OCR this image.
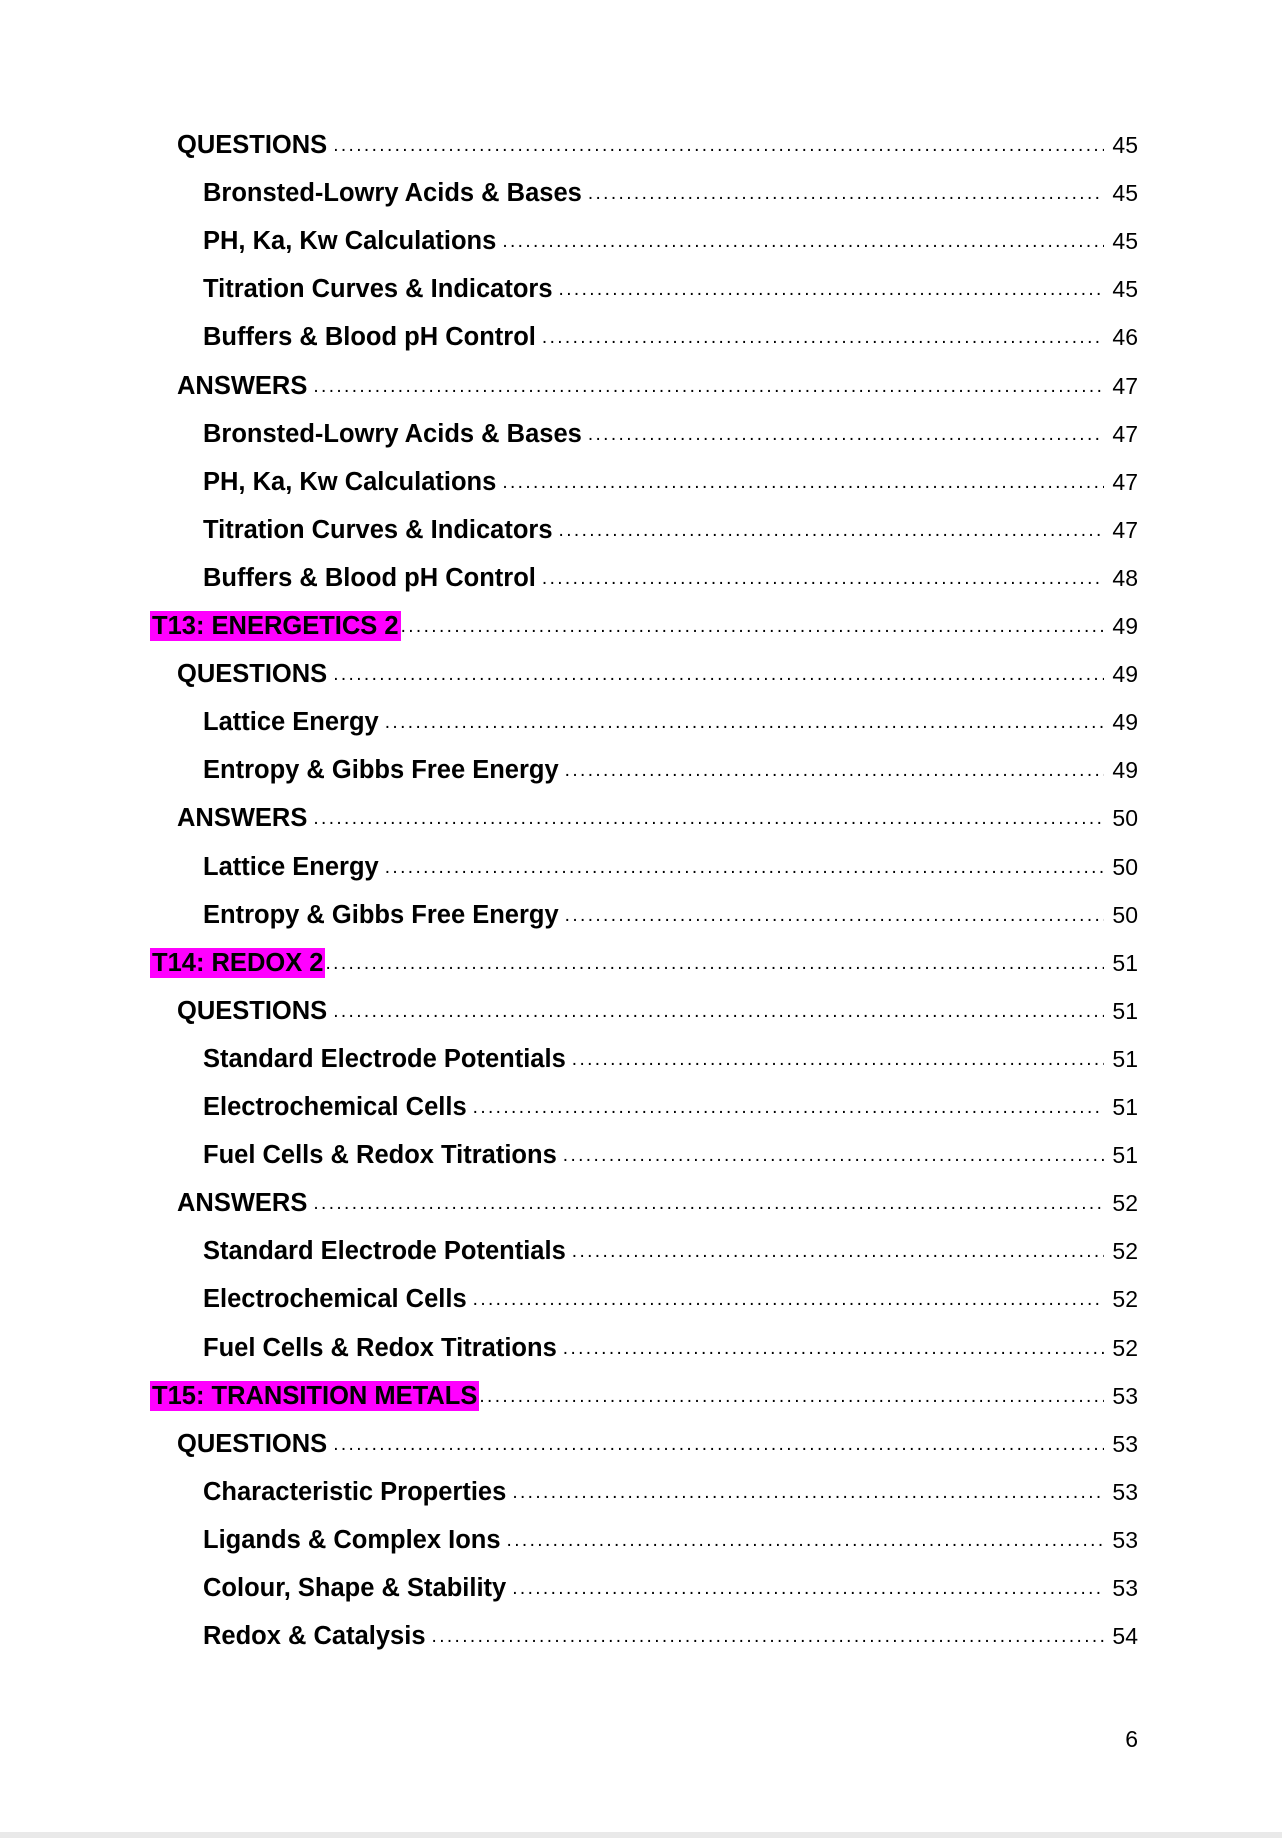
QUESTIONS .....	45
Bronsted-Lowry Acids & Bases .....	45
PH, Ka, Kw Calculations .....	45
Titration Curves & Indicators .....	45
Buffers & Blood pH Control .....	46
ANSWERS .....	47
Bronsted-Lowry Acids & Bases .....	47
PH, Ka, Kw Calculations .....	47
Titration Curves & Indicators .....	47
Buffers & Blood pH Control .....	48
T13: ENERGETICS 2 .....	49
QUESTIONS .....	49
Lattice Energy .....	49
Entropy & Gibbs Free Energy .....	49
ANSWERS .....	50
Lattice Energy .....	50
Entropy & Gibbs Free Energy .....	50
T14: REDOX 2 .....	51
QUESTIONS .....	51
Standard Electrode Potentials .....	51
Electrochemical Cells .....	51
Fuel Cells & Redox Titrations .....	51
ANSWERS .....	52
Standard Electrode Potentials .....	52
Electrochemical Cells .....	52
Fuel Cells & Redox Titrations .....	52
T15: TRANSITION METALS .....	53
QUESTIONS .....	53
Characteristic Properties .....	53
Ligands & Complex Ions .....	53
Colour, Shape & Stability .....	53
Redox & Catalysis .....	54
6
